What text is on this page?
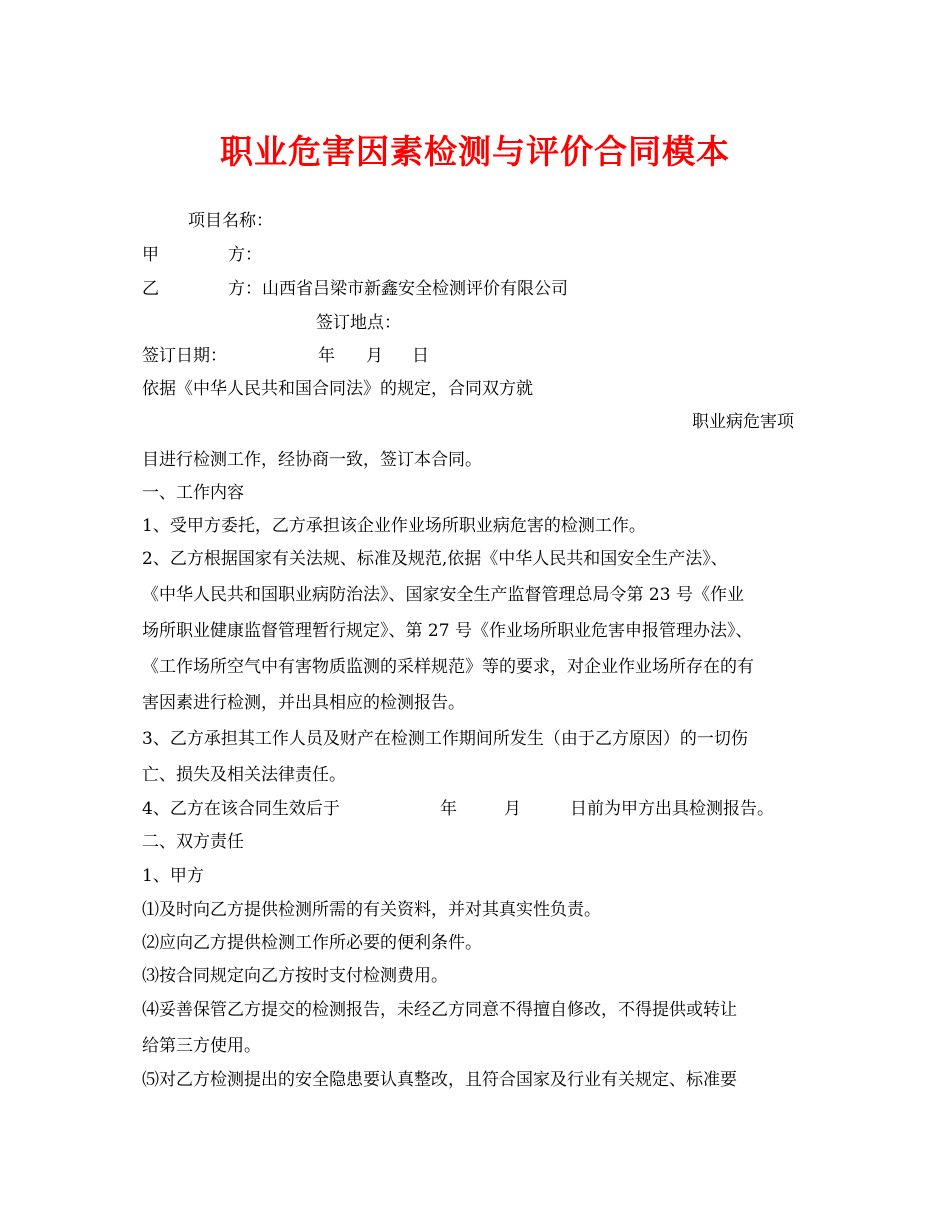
职业危害因素检测与评价合同模本
项目名称：
甲	方：
乙	方：山西省吕梁市新鑫安全检测评价有限公司
签订地点：
签订日期：	年 月 日
依据《中华人民共和国合同法》的规定，合同双方就
职业病危害项
目进行检测工作，经协商一致，签订本合同。
一、工作内容
1、受甲方委托，乙方承担该企业作业场所职业病危害的检测工作。
2、乙方根据国家有关法规、标准及规范,依据《中华人民共和国安全生产法》、
《中华人民共和国职业病防治法》、国家安全生产监督管理总局令第 23 号《作业
场所职业健康监督管理暂行规定》、第 27 号《作业场所职业危害申报管理办法》、
《工作场所空气中有害物质监测的采样规范》等的要求，对企业作业场所存在的有
害因素进行检测，并出具相应的检测报告。
3、乙方承担其工作人员及财产在检测工作期间所发生（由于乙方原因）的一切伤
亡、损失及相关法律责任。
4、乙方在该合同生效后于	年	月	日前为甲方出具检测报告。
二、双方责任
1、甲方
⑴及时向乙方提供检测所需的有关资料，并对其真实性负责。
⑵应向乙方提供检测工作所必要的便利条件。
⑶按合同规定向乙方按时支付检测费用。
⑷妥善保管乙方提交的检测报告，未经乙方同意不得擅自修改，不得提供或转让
给第三方使用。
⑸对乙方检测提出的安全隐患要认真整改，且符合国家及行业有关规定、标准要
